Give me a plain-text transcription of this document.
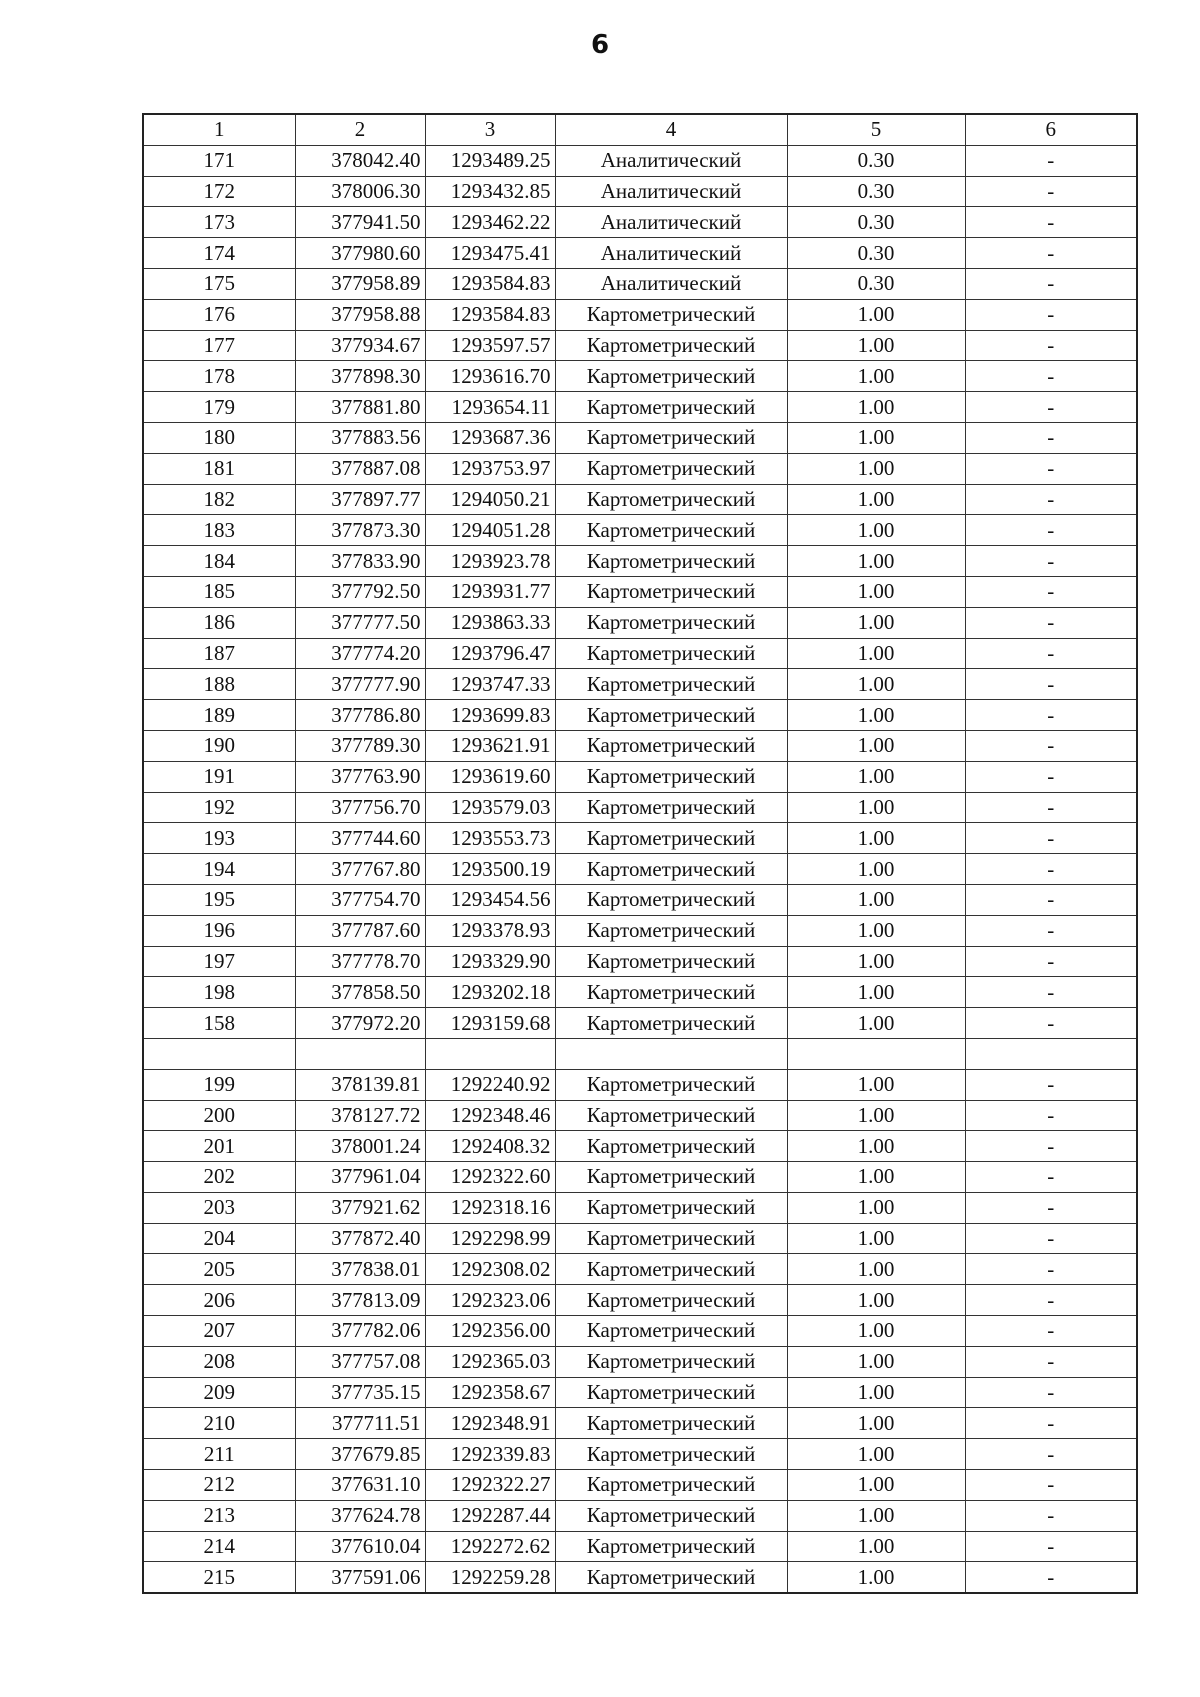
6
1	2	3	4	5	6
171	378042.40	1293489.25	Аналитический	0.30	-
172	378006.30	1293432.85	Аналитический	0.30	-
173	377941.50	1293462.22	Аналитический	0.30	-
174	377980.60	1293475.41	Аналитический	0.30	-
175	377958.89	1293584.83	Аналитический	0.30	-
176	377958.88	1293584.83	Картометрический	1.00	-
177	377934.67	1293597.57	Картометрический	1.00	-
178	377898.30	1293616.70	Картометрический	1.00	-
179	377881.80	1293654.11	Картометрический	1.00	-
180	377883.56	1293687.36	Картометрический	1.00	-
181	377887.08	1293753.97	Картометрический	1.00	-
182	377897.77	1294050.21	Картометрический	1.00	-
183	377873.30	1294051.28	Картометрический	1.00	-
184	377833.90	1293923.78	Картометрический	1.00	-
185	377792.50	1293931.77	Картометрический	1.00	-
186	377777.50	1293863.33	Картометрический	1.00	-
187	377774.20	1293796.47	Картометрический	1.00	-
188	377777.90	1293747.33	Картометрический	1.00	-
189	377786.80	1293699.83	Картометрический	1.00	-
190	377789.30	1293621.91	Картометрический	1.00	-
191	377763.90	1293619.60	Картометрический	1.00	-
192	377756.70	1293579.03	Картометрический	1.00	-
193	377744.60	1293553.73	Картометрический	1.00	-
194	377767.80	1293500.19	Картометрический	1.00	-
195	377754.70	1293454.56	Картометрический	1.00	-
196	377787.60	1293378.93	Картометрический	1.00	-
197	377778.70	1293329.90	Картометрический	1.00	-
198	377858.50	1293202.18	Картометрический	1.00	-
158	377972.20	1293159.68	Картометрический	1.00	-

199	378139.81	1292240.92	Картометрический	1.00	-
200	378127.72	1292348.46	Картометрический	1.00	-
201	378001.24	1292408.32	Картометрический	1.00	-
202	377961.04	1292322.60	Картометрический	1.00	-
203	377921.62	1292318.16	Картометрический	1.00	-
204	377872.40	1292298.99	Картометрический	1.00	-
205	377838.01	1292308.02	Картометрический	1.00	-
206	377813.09	1292323.06	Картометрический	1.00	-
207	377782.06	1292356.00	Картометрический	1.00	-
208	377757.08	1292365.03	Картометрический	1.00	-
209	377735.15	1292358.67	Картометрический	1.00	-
210	377711.51	1292348.91	Картометрический	1.00	-
211	377679.85	1292339.83	Картометрический	1.00	-
212	377631.10	1292322.27	Картометрический	1.00	-
213	377624.78	1292287.44	Картометрический	1.00	-
214	377610.04	1292272.62	Картометрический	1.00	-
215	377591.06	1292259.28	Картометрический	1.00	-
